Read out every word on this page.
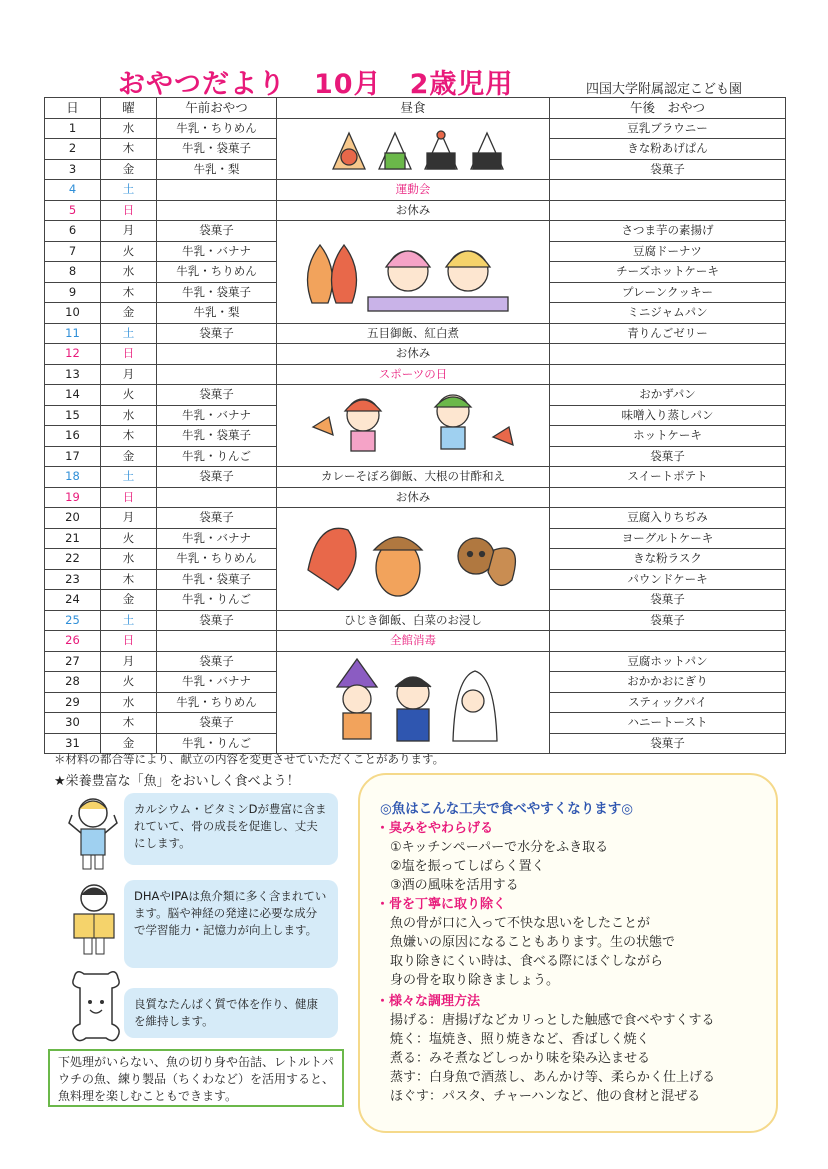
おやつだより　10月　2歳児用	四国大学附属認定こども園
日	曜	午前おやつ	昼食	午後　おやつ
1	水	牛乳・ちりめん		豆乳ブラウニー
2	木	牛乳・袋菓子		きな粉あげぱん
3	金	牛乳・梨		袋菓子
4	土		運動会	
5	日		お休み	
6	月	袋菓子		さつま芋の素揚げ
7	火	牛乳・バナナ		豆腐ドーナツ
8	水	牛乳・ちりめん		チーズホットケーキ
9	木	牛乳・袋菓子		プレーンクッキー
10	金	牛乳・梨		ミニジャムパン
11	土	袋菓子	五目御飯、紅白煮	青りんごゼリー
12	日		お休み	
13	月		スポーツの日	
14	火	袋菓子		おかずパン
15	水	牛乳・バナナ		味噌入り蒸しパン
16	木	牛乳・袋菓子		ホットケーキ
17	金	牛乳・りんご		袋菓子
18	土	袋菓子	カレーそぼろ御飯、大根の甘酢和え	スイートポテト
19	日		お休み	
20	月	袋菓子		豆腐入りちぢみ
21	火	牛乳・バナナ		ヨーグルトケーキ
22	水	牛乳・ちりめん		きな粉ラスク
23	木	牛乳・袋菓子		パウンドケーキ
24	金	牛乳・りんご		袋菓子
25	土	袋菓子	ひじき御飯、白菜のお浸し	袋菓子
26	日		全館消毒	
27	月	袋菓子		豆腐ホットパン
28	火	牛乳・バナナ		おかかおにぎり
29	水	牛乳・ちりめん		スティックパイ
30	木	袋菓子		ハニートースト
31	金	牛乳・りんご		袋菓子
＊材料の都合等により、献立の内容を変更させていただくことがあります。
★栄養豊富な「魚」をおいしく食べよう！
カルシウム・ビタミンDが豊富に含まれていて、骨の成長を促進し、丈夫にします。
DHAやIPAは魚介類に多く含まれています。脳や神経の発達に必要な成分で学習能力・記憶力が向上します。
良質なたんぱく質で体を作り、健康を維持します。
下処理がいらない、魚の切り身や缶詰、レトルトパウチの魚、練り製品（ちくわなど）を活用すると、魚料理を楽しむこともできます。
◎魚はこんな工夫で食べやすくなります◎
・臭みをやわらげる
①キッチンペーパーで水分をふき取る
②塩を振ってしばらく置く
③酒の風味を活用する
・骨を丁寧に取り除く
魚の骨が口に入って不快な思いをしたことが
魚嫌いの原因になることもあります。生の状態で
取り除きにくい時は、食べる際にほぐしながら
身の骨を取り除きましょう。
・様々な調理方法
揚げる：唐揚げなどカリっとした触感で食べやすくする
焼く：塩焼き、照り焼きなど、香ばしく焼く
煮る：みそ煮などしっかり味を染み込ませる
蒸す：白身魚で酒蒸し、あんかけ等、柔らかく仕上げる
ほぐす：パスタ、チャーハンなど、他の食材と混ぜる
